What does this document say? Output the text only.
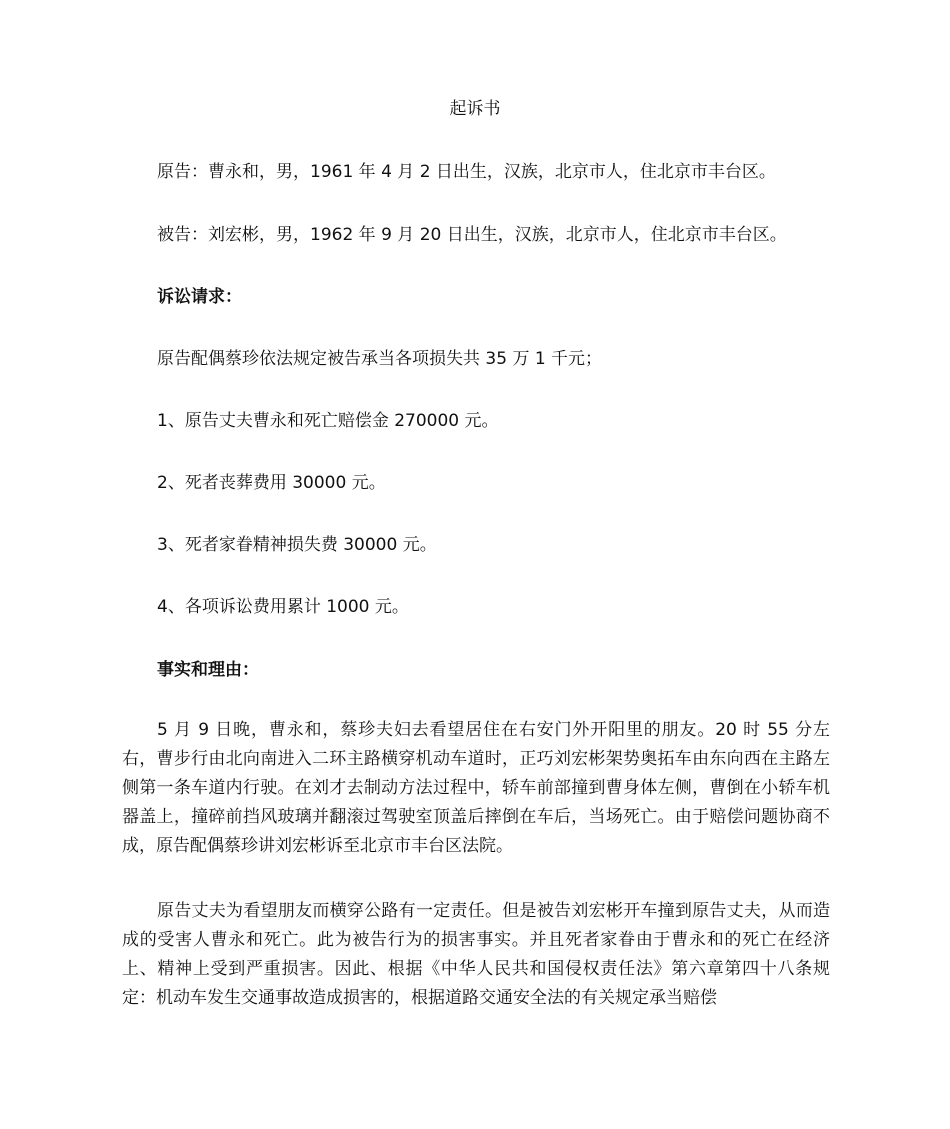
起诉书
原告：曹永和，男，1961 年 4 月 2 日出生，汉族，北京市人，住北京市丰台区。
被告：刘宏彬，男，1962 年 9 月 20 日出生，汉族，北京市人，住北京市丰台区。
诉讼请求：
原告配偶蔡珍依法规定被告承当各项损失共 35 万 1 千元；
1、原告丈夫曹永和死亡赔偿金 270000 元。
2、死者丧葬费用 30000 元。
3、死者家眷精神损失费 30000 元。
4、各项诉讼费用累计 1000 元。
事实和理由：
5 月 9 日晚，曹永和，蔡珍夫妇去看望居住在右安门外开阳里的朋友。20 时 55 分左右，曹步行由北向南进入二环主路横穿机动车道时，正巧刘宏彬架势奥拓车由东向西在主路左侧第一条车道内行驶。在刘才去制动方法过程中，轿车前部撞到曹身体左侧，曹倒在小轿车机器盖上，撞碎前挡风玻璃并翻滚过驾驶室顶盖后摔倒在车后，当场死亡。由于赔偿问题协商不成，原告配偶蔡珍讲刘宏彬诉至北京市丰台区法院。
原告丈夫为看望朋友而横穿公路有一定责任。但是被告刘宏彬开车撞到原告丈夫，从而造成的受害人曹永和死亡。此为被告行为的损害事实。并且死者家眷由于曹永和的死亡在经济上、精神上受到严重损害。因此、根据《中华人民共和国侵权责任法》第六章第四十八条规定：机动车发生交通事故造成损害的，根据道路交通安全法的有关规定承当赔偿
